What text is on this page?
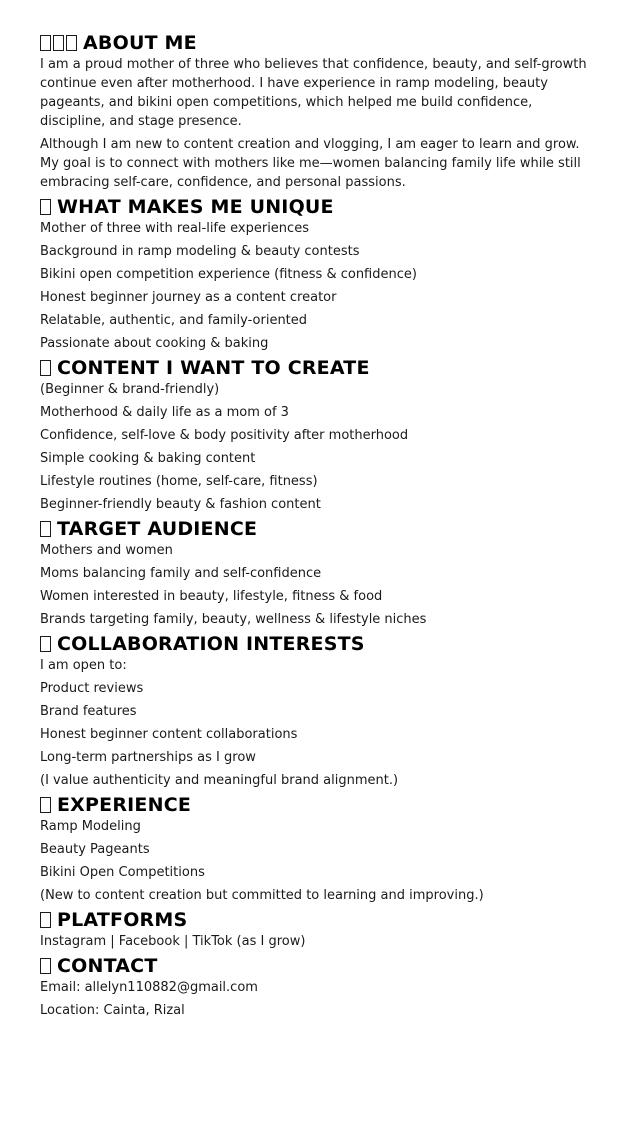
ABOUT ME

I am a proud mother of three who believes that confidence, beauty, and self-growth continue even after motherhood. I have experience in ramp modeling, beauty pageants, and bikini open competitions, which helped me build confidence, discipline, and stage presence.

Although I am new to content creation and vlogging, I am eager to learn and grow. My goal is to connect with mothers like me—women balancing family life while still embracing self-care, confidence, and personal passions.

WHAT MAKES ME UNIQUE

Mother of three with real-life experiences

Background in ramp modeling & beauty contests

Bikini open competition experience (fitness & confidence)

Honest beginner journey as a content creator

Relatable, authentic, and family-oriented

Passionate about cooking & baking

CONTENT I WANT TO CREATE

(Beginner & brand-friendly)

Motherhood & daily life as a mom of 3

Confidence, self-love & body positivity after motherhood

Simple cooking & baking content

Lifestyle routines (home, self-care, fitness)

Beginner-friendly beauty & fashion content

TARGET AUDIENCE

Mothers and women

Moms balancing family and self-confidence

Women interested in beauty, lifestyle, fitness & food

Brands targeting family, beauty, wellness & lifestyle niches

COLLABORATION INTERESTS

I am open to:

Product reviews

Brand features

Honest beginner content collaborations

Long-term partnerships as I grow

(I value authenticity and meaningful brand alignment.)

EXPERIENCE

Ramp Modeling

Beauty Pageants

Bikini Open Competitions

(New to content creation but committed to learning and improving.)

PLATFORMS

Instagram | Facebook | TikTok (as I grow)

CONTACT

Email: allelyn110882@gmail.com

Location: Cainta, Rizal
